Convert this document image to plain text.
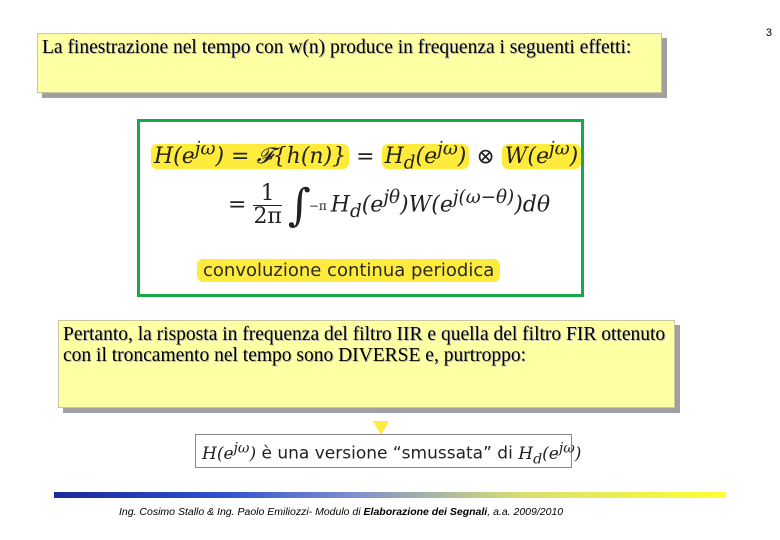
3
La finestrazione nel tempo con w(n) produce in frequenza i seguenti effetti:
$H(e^{j\omega})$ = 𝓕{h(n)} = $H_d(e^{j\omega})$ ⊗ $W(e^{j\omega})$
= $\frac{1}{2\pi} \int-\pi$ $H_d(e^{j\theta})W(e^{j(\omega-\theta)})d\theta$
convoluzione continua periodica
Pertanto, la risposta in frequenza del filtro IIR e quella del filtro FIR ottenuto con il troncamento nel tempo sono DIVERSE e, purtroppo:
$H(e^{j\omega})$ è una versione “smussata” di $H_d(e^{j\omega})$
Ing. Cosimo Stallo & Ing. Paolo Emiliozzi- Modulo di Elaborazione dei Segnali, a.a. 2009/2010
